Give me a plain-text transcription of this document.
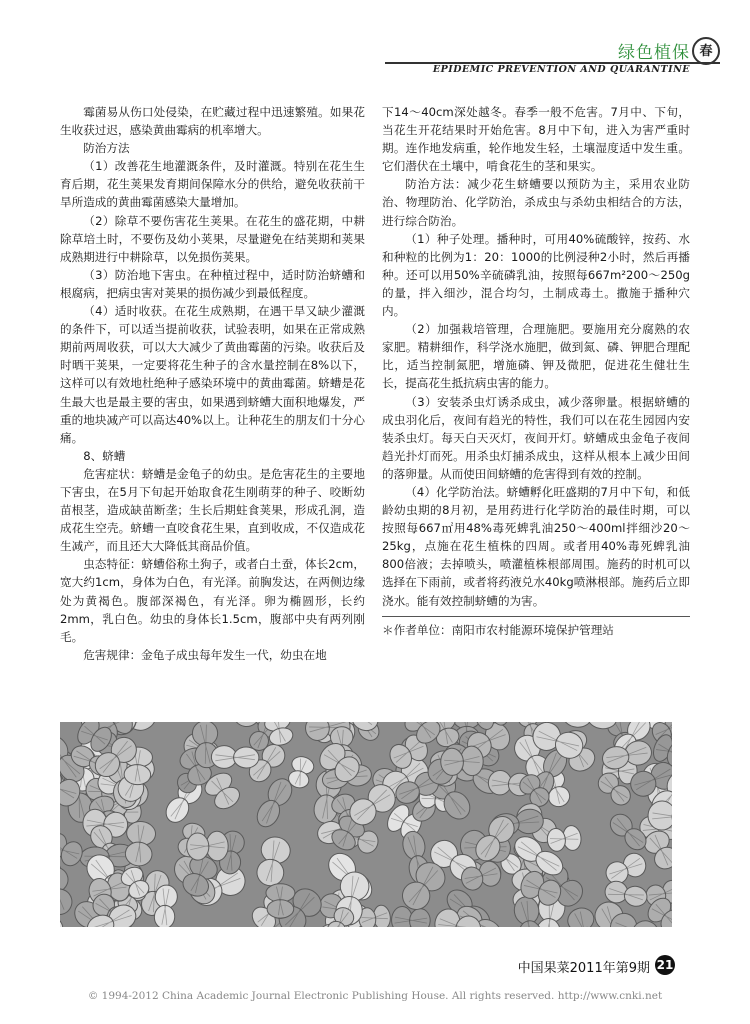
绿色植保 春
EPIDEMIC PREVENTION AND QUARANTINE

霉菌易从伤口处侵染，在贮藏过程中迅速繁殖。如果花生收获过迟，感染黄曲霉病的机率增大。

防治方法

（1）改善花生地灌溉条件，及时灌溉。特别在花生生育后期，花生荚果发育期间保障水分的供给，避免收获前干旱所造成的黄曲霉菌感染大量增加。

（2）除草不要伤害花生荚果。在花生的盛花期，中耕除草培土时，不要伤及幼小荚果，尽量避免在结荚期和荚果成熟期进行中耕除草，以免损伤荚果。

（3）防治地下害虫。在种植过程中，适时防治蛴螬和根腐病，把病虫害对荚果的损伤减少到最低程度。

（4）适时收获。在花生成熟期，在遇干旱又缺少灌溉的条件下，可以适当提前收获，试验表明，如果在正常成熟期前两周收获，可以大大减少了黄曲霉菌的污染。收获后及时晒干荚果，一定要将花生种子的含水量控制在8%以下，这样可以有效地杜绝种子感染环境中的黄曲霉菌。蛴螬是花生最大也是最主要的害虫，如果遇到蛴螬大面积地爆发，严重的地块减产可以高达40%以上。让种花生的朋友们十分心痛。

8、蛴螬

危害症状：蛴螬是金龟子的幼虫。是危害花生的主要地下害虫，在5月下旬起开始取食花生刚萌芽的种子、咬断幼苗根茎，造成缺苗断垄；生长后期蛀食荚果，形成孔洞，造成花生空壳。蛴螬一直咬食花生果，直到收成，不仅造成花生减产，而且还大大降低其商品价值。

虫态特征：蛴螬俗称土狗子，或者白土蚕，体长2cm，宽大约1cm，身体为白色，有光泽。前胸发达，在两侧边缘处为黄褐色。腹部深褐色，有光泽。卵为椭圆形，长约2mm，乳白色。幼虫的身体长1.5cm，腹部中央有两列刚毛。

危害规律：金龟子成虫每年发生一代，幼虫在地

下14～40cm深处越冬。春季一般不危害。7月中、下旬，当花生开花结果时开始危害。8月中下旬，进入为害严重时期。连作地发病重，轮作地发生轻，土壤湿度适中发生重。它们潜伏在土壤中，啃食花生的茎和果实。

防治方法：减少花生蛴螬要以预防为主，采用农业防治、物理防治、化学防治，杀成虫与杀幼虫相结合的方法，进行综合防治。

（1）种子处理。播种时，可用40%硫酸锌，按药、水和种粒的比例为1：20：1000的比例浸种2小时，然后再播种。还可以用50%辛硫磷乳油，按照每667m²200～250g的量，拌入细沙，混合均匀，土制成毒土。撒施于播种穴内。

（2）加强栽培管理，合理施肥。要施用充分腐熟的农家肥。精耕细作，科学浇水施肥，做到氮、磷、钾肥合理配比，适当控制氮肥，增施磷、钾及微肥，促进花生健壮生长，提高花生抵抗病虫害的能力。

（3）安装杀虫灯诱杀成虫，减少落卵量。根据蛴螬的成虫羽化后，夜间有趋光的特性，我们可以在花生园园内安装杀虫灯。每天白天灭灯，夜间开灯。蛴螬成虫金龟子夜间趋光扑灯而死。用杀虫灯捕杀成虫，这样从根本上减少田间的落卵量。从而使田间蛴螬的危害得到有效的控制。

（4）化学防治法。蛴螬孵化旺盛期的7月中下旬，和低龄幼虫期的8月初，是用药进行化学防治的最佳时期，可以按照每667㎡用48%毒死蜱乳油250～400ml拌细沙20～25kg，点施在花生植株的四周。或者用40%毒死蜱乳油800倍液；去掉喷头，喷灌植株根部周围。施药的时机可以选择在下雨前，或者将药液兑水40kg喷淋根部。施药后立即浇水。能有效控制蛴螬的为害。

＊作者单位：南阳市农村能源环境保护管理站

中国果菜2011年第9期 21
© 1994-2012 China Academic Journal Electronic Publishing House. All rights reserved. http://www.cnki.net
